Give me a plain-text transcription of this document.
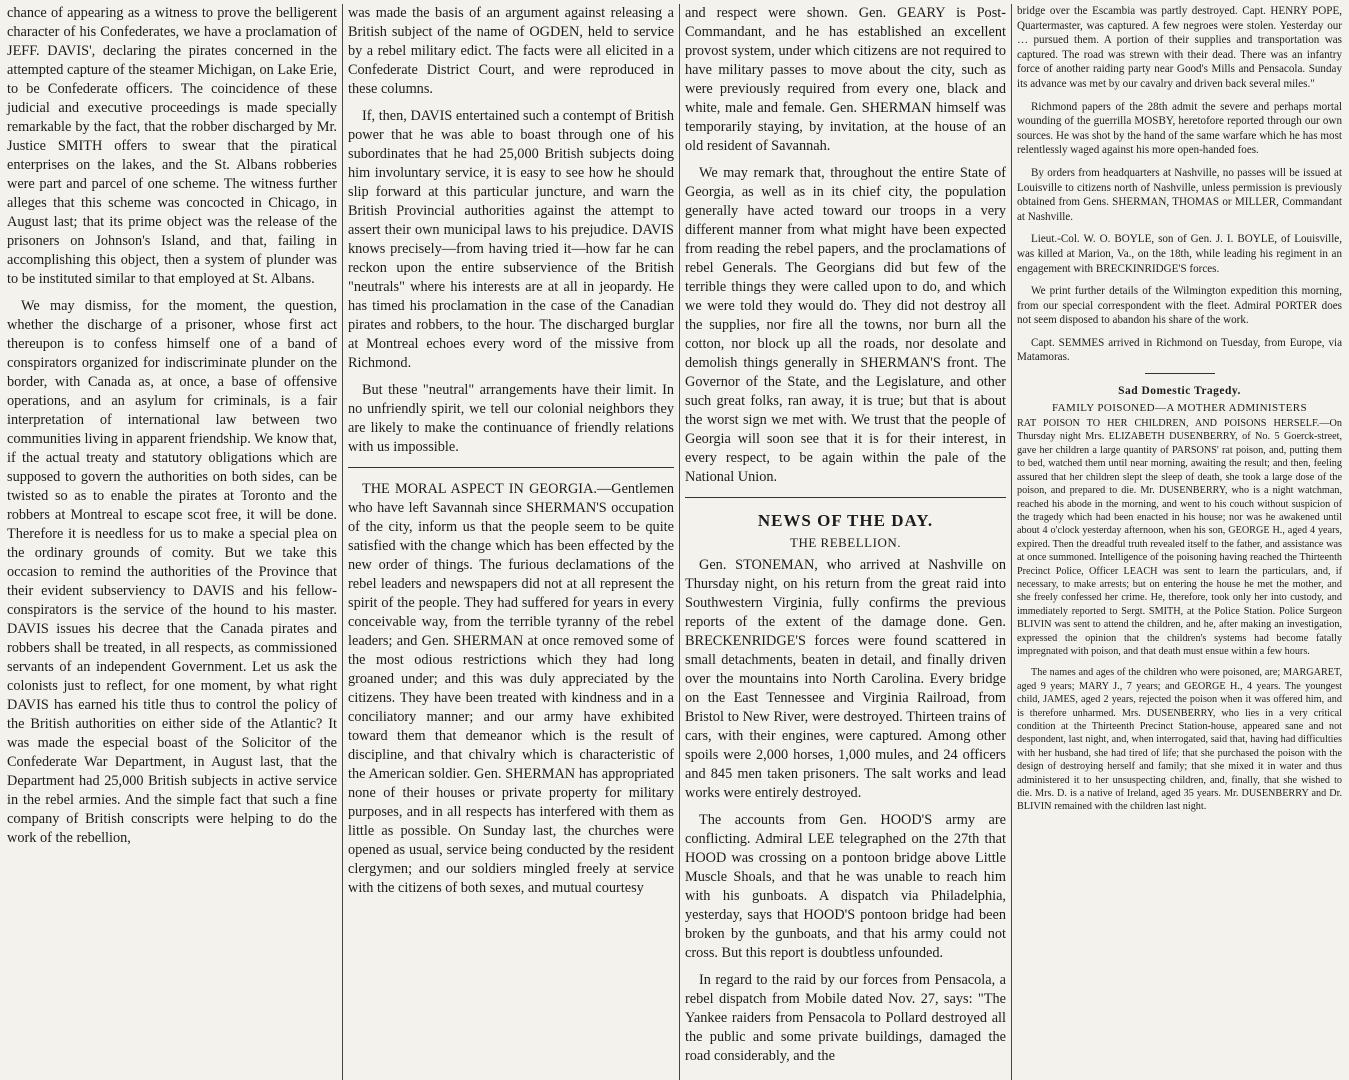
chance of appearing as a witness to prove the belligerent character of his Confederates, we have a proclamation of JEFF. DAVIS', declaring the pirates concerned in the attempted capture of the steamer Michigan, on Lake Erie, to be Confederate officers. The coincidence of these judicial and executive proceedings is made specially remarkable by the fact, that the robber discharged by Mr. Justice SMITH offers to swear that the piratical enterprises on the lakes, and the St. Albans robberies were part and parcel of one scheme. The witness further alleges that this scheme was concocted in Chicago, in August last; that its prime object was the release of the prisoners on Johnson's Island, and that, failing in accomplishing this object, then a system of plunder was to be instituted similar to that employed at St. Albans.

We may dismiss, for the moment, the question, whether the discharge of a prisoner, whose first act thereupon is to confess himself one of a band of conspirators organized for indiscriminate plunder on the border, with Canada as, at once, a base of offensive operations, and an asylum for criminals, is a fair interpretation of international law between two communities living in apparent friendship. We know that, if the actual treaty and statutory obligations which are supposed to govern the authorities on both sides, can be twisted so as to enable the pirates at Toronto and the robbers at Montreal to escape scot free, it will be done. Therefore it is needless for us to make a special plea on the ordinary grounds of comity. But we take this occasion to remind the authorities of the Province that their evident subserviency to DAVIS and his fellow-conspirators is the service of the hound to his master. DAVIS issues his decree that the Canada pirates and robbers shall be treated, in all respects, as commissioned servants of an independent Government. Let us ask the colonists just to reflect, for one moment, by what right DAVIS has earned his title thus to control the policy of the British authorities on either side of the Atlantic? It was made the especial boast of the Solicitor of the Confederate War Department, in August last, that the Department had 25,000 British subjects in active service in the rebel armies. And the simple fact that such a fine company of British conscripts were helping to do the work of the rebellion,

was made the basis of an argument against releasing a British subject of the name of OGDEN, held to service by a rebel military edict. The facts were all elicited in a Confederate District Court, and were reproduced in these columns.

If, then, DAVIS entertained such a contempt of British power that he was able to boast through one of his subordinates that he had 25,000 British subjects doing him involuntary service, it is easy to see how he should slip forward at this particular juncture, and warn the British Provincial authorities against the attempt to assert their own municipal laws to his prejudice. DAVIS knows precisely—from having tried it—how far he can reckon upon the entire subservience of the British "neutrals" where his interests are at all in jeopardy. He has timed his proclamation in the case of the Canadian pirates and robbers, to the hour. The discharged burglar at Montreal echoes every word of the missive from Richmond.

But these "neutral" arrangements have their limit. In no unfriendly spirit, we tell our colonial neighbors they are likely to make the continuance of friendly relations with us impossible.

THE MORAL ASPECT IN GEORGIA.—Gentlemen who have left Savannah since SHERMAN'S occupation of the city, inform us that the people seem to be quite satisfied with the change which has been effected by the new order of things. The furious declamations of the rebel leaders and newspapers did not at all represent the spirit of the people. They had suffered for years in every conceivable way, from the terrible tyranny of the rebel leaders; and Gen. SHERMAN at once removed some of the most odious restrictions which they had long groaned under; and this was duly appreciated by the citizens. They have been treated with kindness and in a conciliatory manner; and our army have exhibited toward them that demeanor which is the result of discipline, and that chivalry which is characteristic of the American soldier. Gen. SHERMAN has appropriated none of their houses or private property for military purposes, and in all respects has interfered with them as little as possible. On Sunday last, the churches were opened as usual, service being conducted by the resident clergymen; and our soldiers mingled freely at service with the citizens of both sexes, and mutual courtesy

and respect were shown. Gen. GEARY is Post-Commandant, and he has established an excellent provost system, under which citizens are not required to have military passes to move about the city, such as were previously required from every one, black and white, male and female. Gen. SHERMAN himself was temporarily staying, by invitation, at the house of an old resident of Savannah.

We may remark that, throughout the entire State of Georgia, as well as in its chief city, the population generally have acted toward our troops in a very different manner from what might have been expected from reading the rebel papers, and the proclamations of rebel Generals. The Georgians did but few of the terrible things they were called upon to do, and which we were told they would do. They did not destroy all the supplies, nor fire all the towns, nor burn all the cotton, nor block up all the roads, nor desolate and demolish things generally in SHERMAN'S front. The Governor of the State, and the Legislature, and other such great folks, ran away, it is true; but that is about the worst sign we met with. We trust that the people of Georgia will soon see that it is for their interest, in every respect, to be again within the pale of the National Union.

NEWS OF THE DAY.
THE REBELLION.

Gen. STONEMAN, who arrived at Nashville on Thursday night, on his return from the great raid into Southwestern Virginia, fully confirms the previous reports of the extent of the damage done. Gen. BRECKENRIDGE'S forces were found scattered in small detachments, beaten in detail, and finally driven over the mountains into North Carolina. Every bridge on the East Tennessee and Virginia Railroad, from Bristol to New River, were destroyed. Thirteen trains of cars, with their engines, were captured. Among other spoils were 2,000 horses, 1,000 mules, and 24 officers and 845 men taken prisoners. The salt works and lead works were entirely destroyed.

The accounts from Gen. HOOD'S army are conflicting. Admiral LEE telegraphed on the 27th that HOOD was crossing on a pontoon bridge above Little Muscle Shoals, and that he was unable to reach him with his gunboats. A dispatch via Philadelphia, yesterday, says that HOOD'S pontoon bridge had been broken by the gunboats, and that his army could not cross. But this report is doubtless unfounded.

In regard to the raid by our forces from Pensacola, a rebel dispatch from Mobile dated Nov. 27, says: "The Yankee raiders from Pensacola to Pollard destroyed all the public and some private buildings, damaged the road considerably, and the

bridge over the Escambia was partly destroyed. Capt. HENRY POPE, Quartermaster, was captured. A few negroes were stolen. Yesterday our … pursued them. A portion of their supplies and transportation was captured. The road was strewn with their dead. There was an infantry force of another raiding party near Good's Mills and Pensacola. Sunday its advance was met by our cavalry and driven back several miles."

Richmond papers of the 28th admit the severe and perhaps mortal wounding of the guerrilla MOSBY, heretofore reported through our own sources. He was shot by the hand of the same warfare which he has most relentlessly waged against his more open-handed foes.

By orders from headquarters at Nashville, no passes will be issued at Louisville to citizens north of Nashville, unless permission is previously obtained from Gens. SHERMAN, THOMAS or MILLER, Commandant at Nashville.

Lieut.-Col. W. O. BOYLE, son of Gen. J. I. BOYLE, of Louisville, was killed at Marion, Va., on the 18th, while leading his regiment in an engagement with BRECKINRIDGE'S forces.

We print further details of the Wilmington expedition this morning, from our special correspondent with the fleet. Admiral PORTER does not seem disposed to abandon his share of the work.

Capt. SEMMES arrived in Richmond on Tuesday, from Europe, via Matamoras.

Sad Domestic Tragedy.
FAMILY POISONED—A MOTHER ADMINISTERS

RAT POISON TO HER CHILDREN, AND POISONS HERSELF.—On Thursday night Mrs. ELIZABETH DUSENBERRY, of No. 5 Goerck-street, gave her children a large quantity of PARSONS' rat poison, and, putting them to bed, watched them until near morning, awaiting the result; and then, feeling assured that her children slept the sleep of death, she took a large dose of the poison, and prepared to die. Mr. DUSENBERRY, who is a night watchman, reached his abode in the morning, and went to his couch without suspicion of the tragedy which had been enacted in his house; nor was he awakened until about 4 o'clock yesterday afternoon, when his son, GEORGE H., aged 4 years, expired. Then the dreadful truth revealed itself to the father, and assistance was at once summoned. Intelligence of the poisoning having reached the Thirteenth Precinct Police, Officer LEACH was sent to learn the particulars, and, if necessary, to make arrests; but on entering the house he met the mother, and she freely confessed her crime. He, therefore, took only her into custody, and immediately reported to Sergt. SMITH, at the Police Station. Police Surgeon BLIVIN was sent to attend the children, and he, after making an investigation, expressed the opinion that the children's systems had become fatally impregnated with poison, and that death must ensue within a few hours.

The names and ages of the children who were poisoned, are; MARGARET, aged 9 years; MARY J., 7 years; and GEORGE H., 4 years. The youngest child, JAMES, aged 2 years, rejected the poison when it was offered him, and is therefore unharmed. Mrs. DUSENBERRY, who lies in a very critical condition at the Thirteenth Precinct Station-house, appeared sane and not despondent, last night, and, when interrogated, said that, having had difficulties with her husband, she had tired of life; that she purchased the poison with the design of destroying herself and family; that she mixed it in water and thus administered it to her unsuspecting children, and, finally, that she wished to die. Mrs. D. is a native of Ireland, aged 35 years. Mr. DUSENBERRY and Dr. BLIVIN remained with the children last night.
